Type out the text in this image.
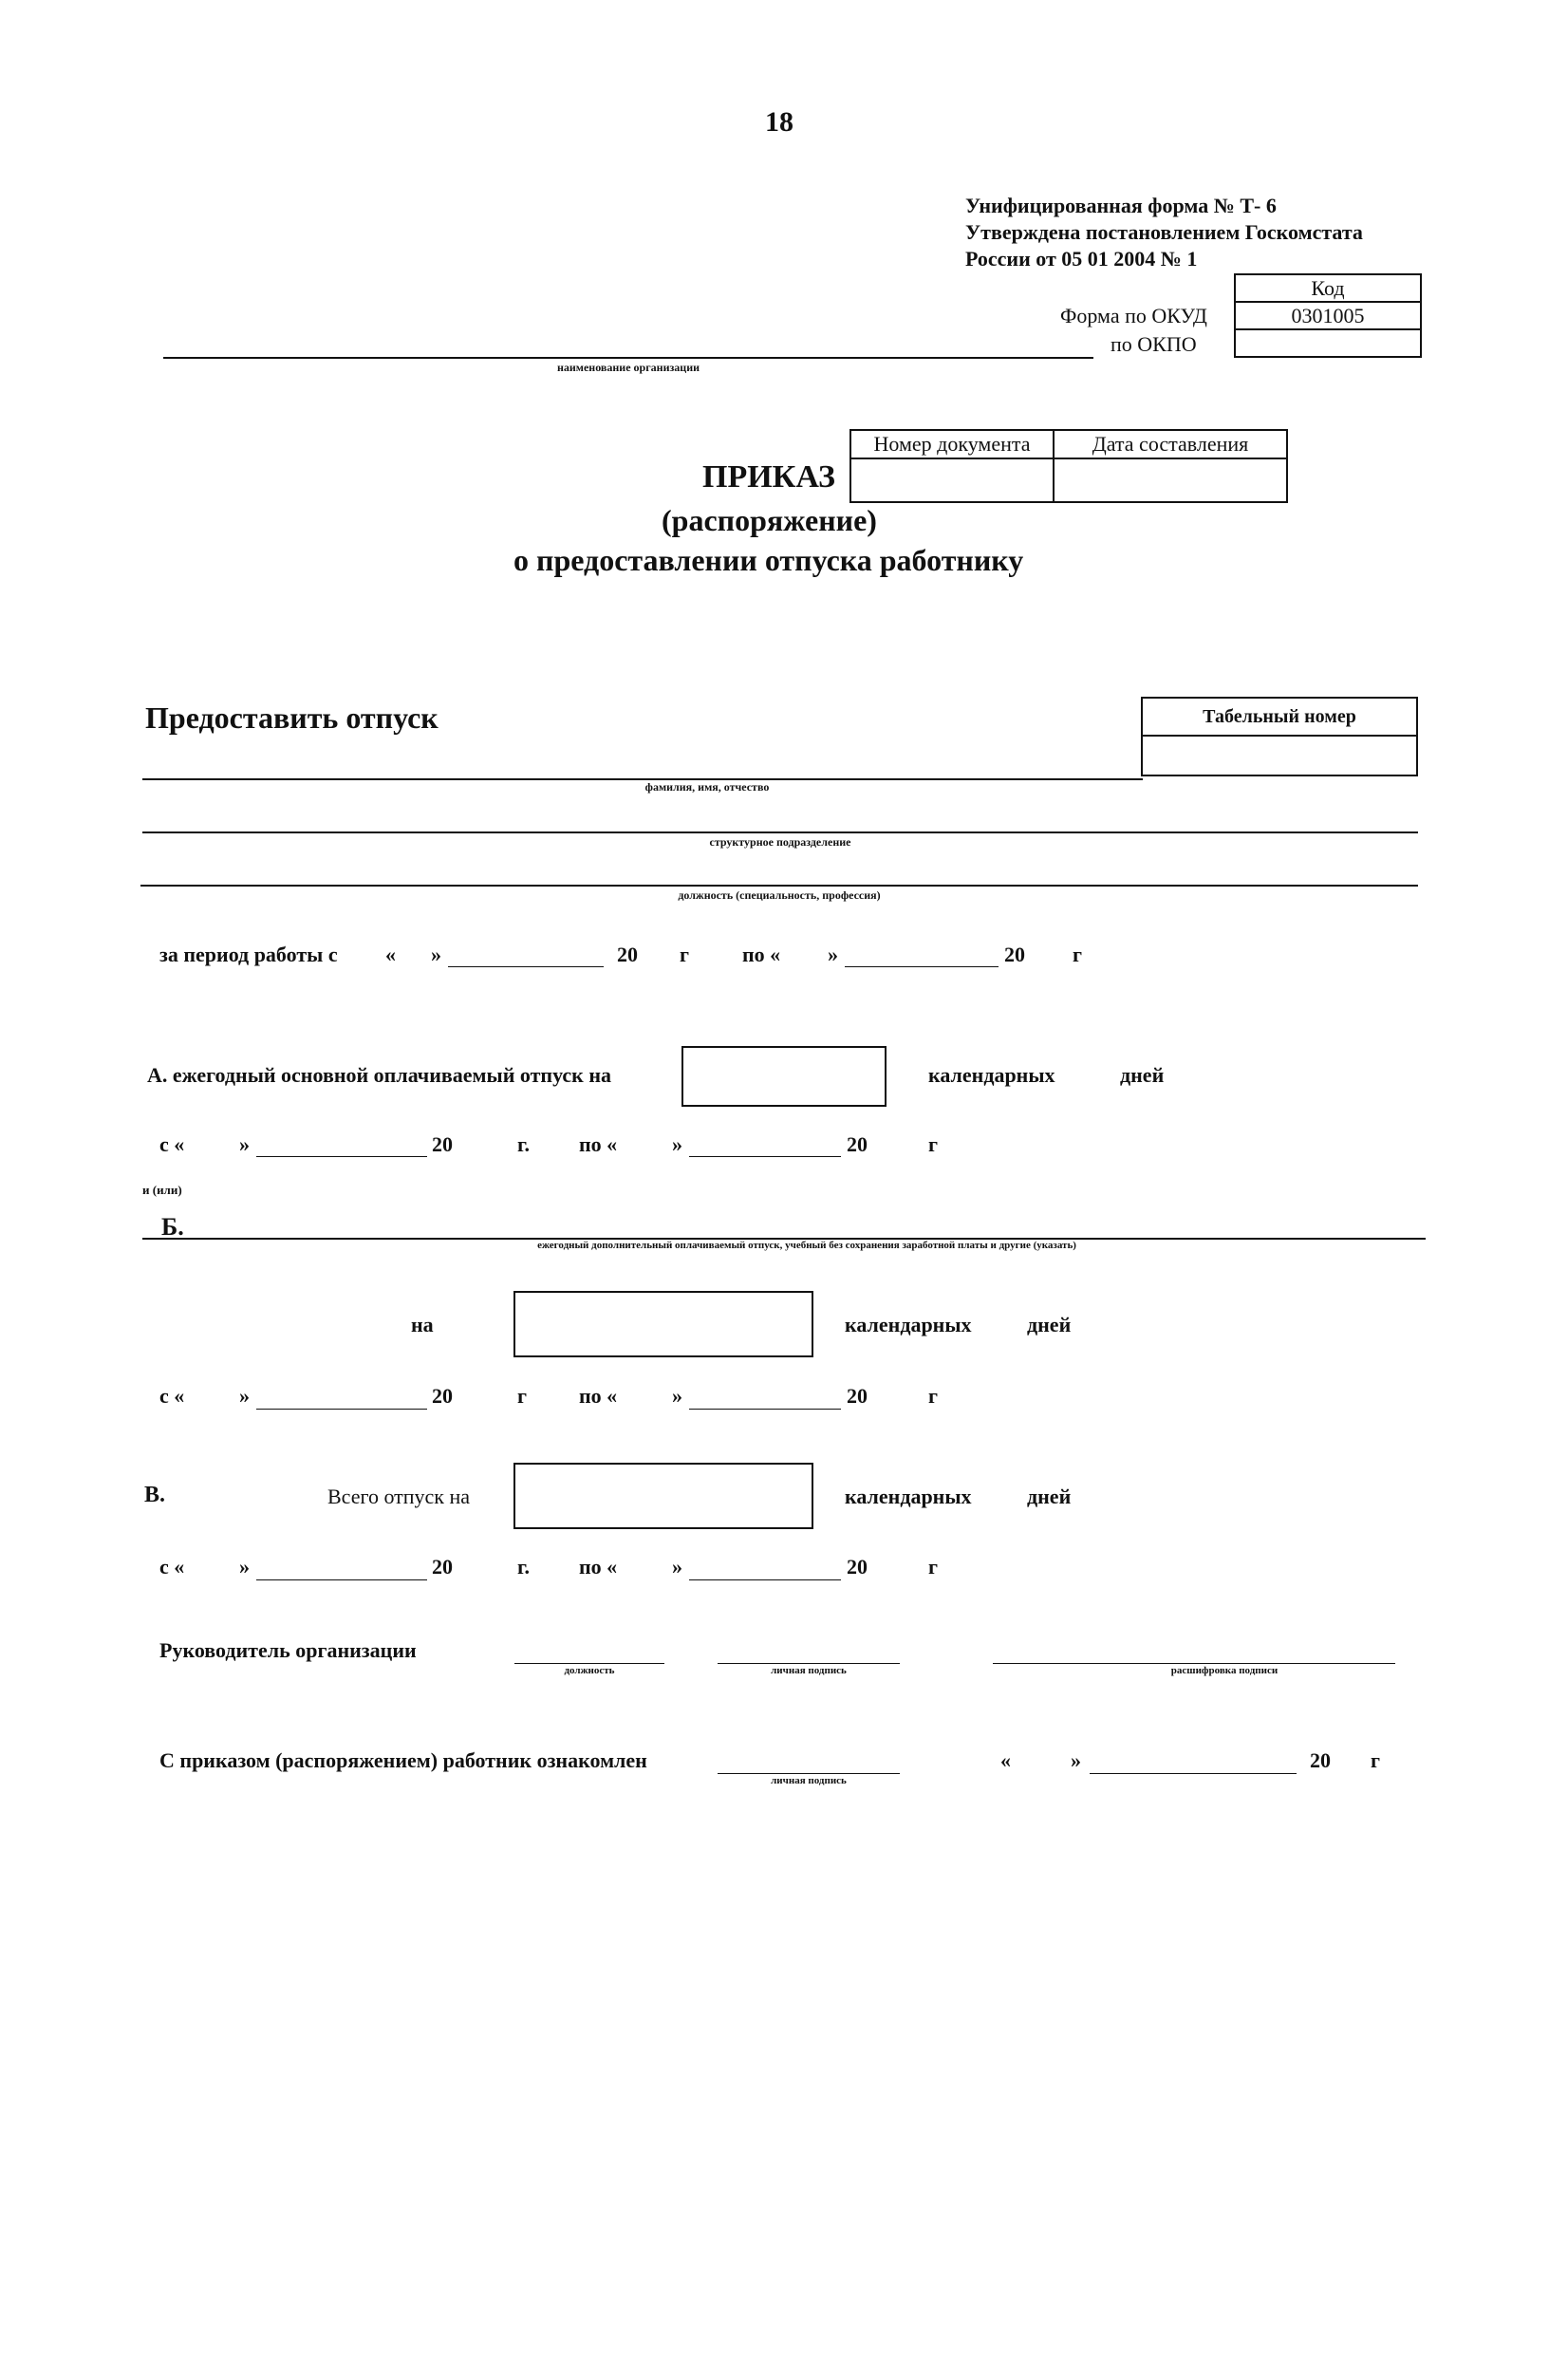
18
Унифицированная форма № Т- 6
Утверждена постановлением Госкомстата
России от 05 01 2004 № 1
Форма по ОКУД
по ОКПО
Код
0301005

наименование организации
Номер документа	Дата составления

ПРИКАЗ
(распоряжение)
о предоставлении отпуска работнику
Предоставить отпуск	Табельный номер

фамилия, имя, отчество
структурное подразделение
должность (специальность, профессия)
за период работы с « »	20 г	по « »	20 г
А. ежегодный основной оплачиваемый отпуск на	календарных	дней
с «	»	20	г. по «	»	20	г
и (или)
Б.
ежегодный дополнительный оплачиваемый отпуск, учебный без сохранения заработной платы и другие (указать)
на	календарных	дней
с «	»	20	г	по «	»	20	г
В.	Всего отпуск на	календарных	дней
с «	»	20	г. по «	»	20	г
Руководитель организации
должность	личная подпись	расшифровка подписи
С приказом (распоряжением) работник ознакомлен
личная подпись
«	»	20 г
